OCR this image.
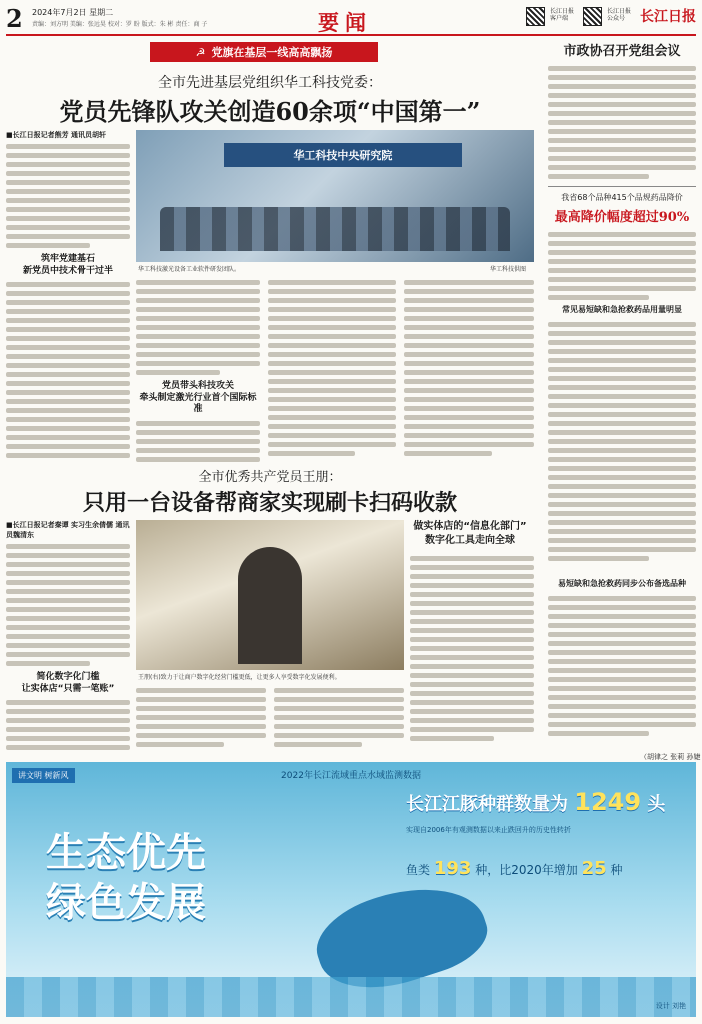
2 2024年7月2日 星期二
责编：刘方明 美编：张远昊 校对：罗 盼 版式：朱 彬 责任：商 子	要闻	长江日报客户端
长江日报公众号	长江日报
☭ 党旗在基层一线高高飘扬
全市先进基层党组织华工科技党委：
党员先锋队攻关创造60余项“中国第一”
■长江日报记者熊芳 通讯员胡轩
筑牢党建基石
新党员中技术骨干过半
华工科技中央研究院
华工科技激光设备工业软件研发团队。	华工科技供图
党员带头科技攻关
牵头制定激光行业首个国际标准
全市优秀共产党员王朋：
只用一台设备帮商家实现刷卡扫码收款
■长江日报记者秦谭 实习生余倩儒 通讯员魏清东
简化数字化门槛
让实体店“只需一笔账”
王朋(右)致力于让商户数字化经营门槛更低，让更多人享受数字化发展便利。
做实体店的“信息化部门”
数字化工具走向全球
市政协召开党组会议
我省68个品种415个品规药品降价
最高降价幅度超过90%
常见易短缺和急抢救药品用量明显
易短缺和急抢救药同步公布备选品种
（胡律之 张莉 孙婕
讲文明 树新风	2022年长江流域重点水域监测数据
生态优先
绿色发展
长江江豚种群数量为 1249 头
实现自2006年有观测数据以来止跌回升的历史性转折
鱼类 193 种，比2020年增加 25 种
设计 刘艳
